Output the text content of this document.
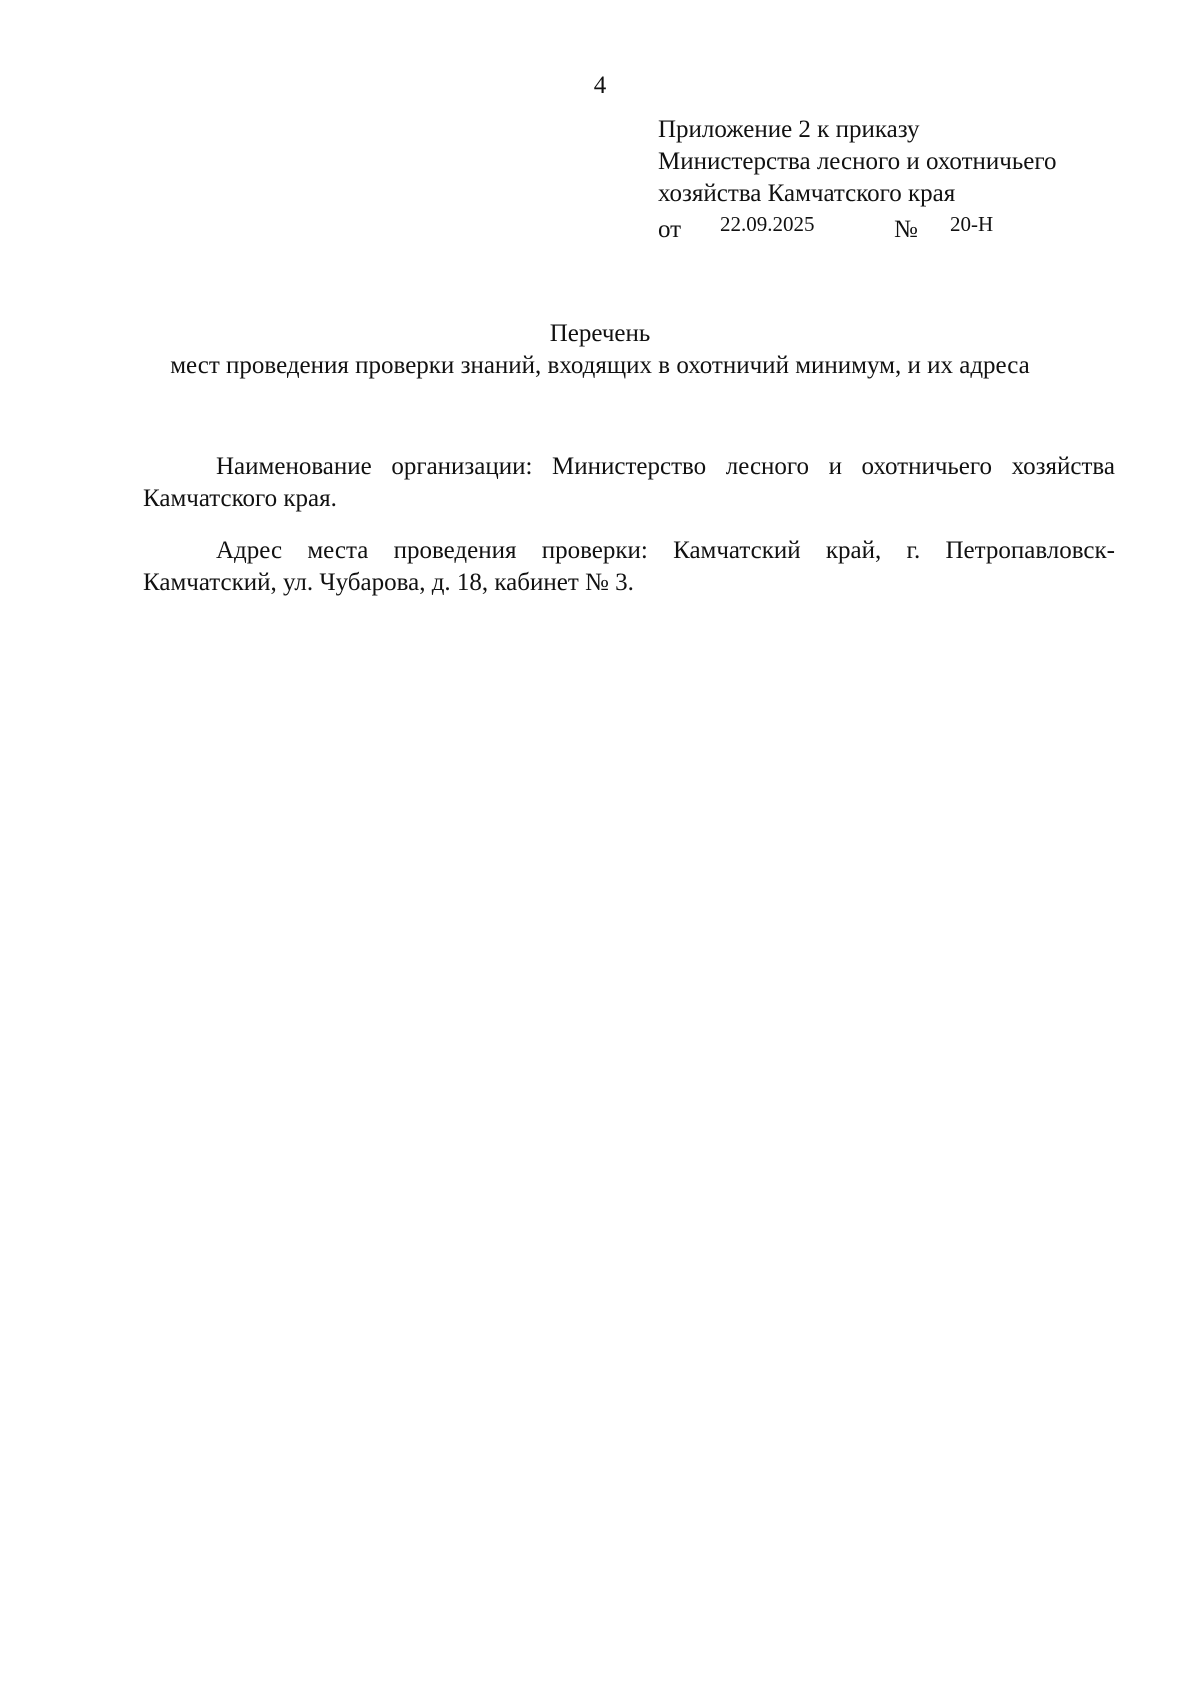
4
Приложение 2 к приказу
Министерства лесного и охотничьего
хозяйства Камчатского края
от 22.09.2025	№ 20-Н
Перечень
мест проведения проверки знаний, входящих в охотничий минимум, и их адреса

Наименование организации: Министерство лесного и охотничьего хозяйства Камчатского края.

Адрес места проведения проверки: Камчатский край, г. Петропавловск-Камчатский, ул. Чубарова, д. 18, кабинет № 3.
